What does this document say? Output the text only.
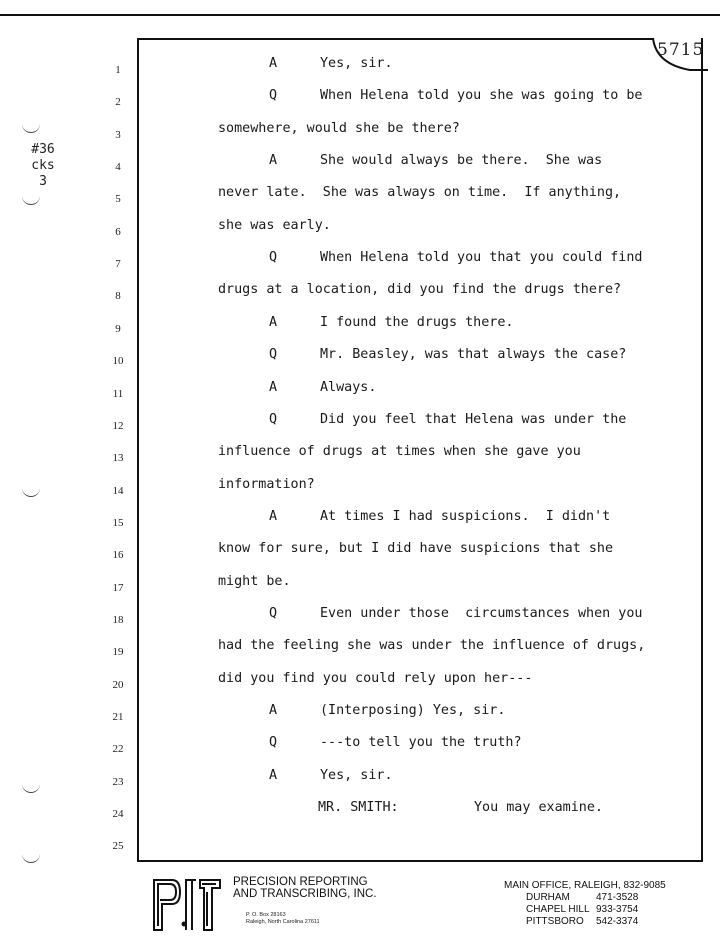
5715
#36
cks
3
1	A	Yes, sir.
2	Q	When Helena told you she was going to be
3	somewhere, would she be there?
4	A	She would always be there.  She was
5	never late.  She was always on time.  If anything,
6	she was early.
7	Q	When Helena told you that you could find
8	drugs at a location, did you find the drugs there?
9	A	I found the drugs there.
10	Q	Mr. Beasley, was that always the case?
11	A	Always.
12	Q	Did you feel that Helena was under the
13	influence of drugs at times when she gave you
14	information?
15	A	At times I had suspicions.  I didn't
16	know for sure, but I did have suspicions that she
17	might be.
18	Q	Even under those  circumstances when you
19	had the feeling she was under the influence of drugs,
20	did you find you could rely upon her---
21	A	(Interposing) Yes, sir.
22	Q	---to tell you the truth?
23	A	Yes, sir.
24	MR. SMITH:	You may examine.
25
PRECISION REPORTING
AND TRANSCRIBING, INC.
P. O. Box 28163
Raleigh, North Carolina 27611
MAIN OFFICE, RALEIGH, 832-9085
DURHAM	471-3528
CHAPEL HILL 933-3754
PITTSBORO 542-3374
